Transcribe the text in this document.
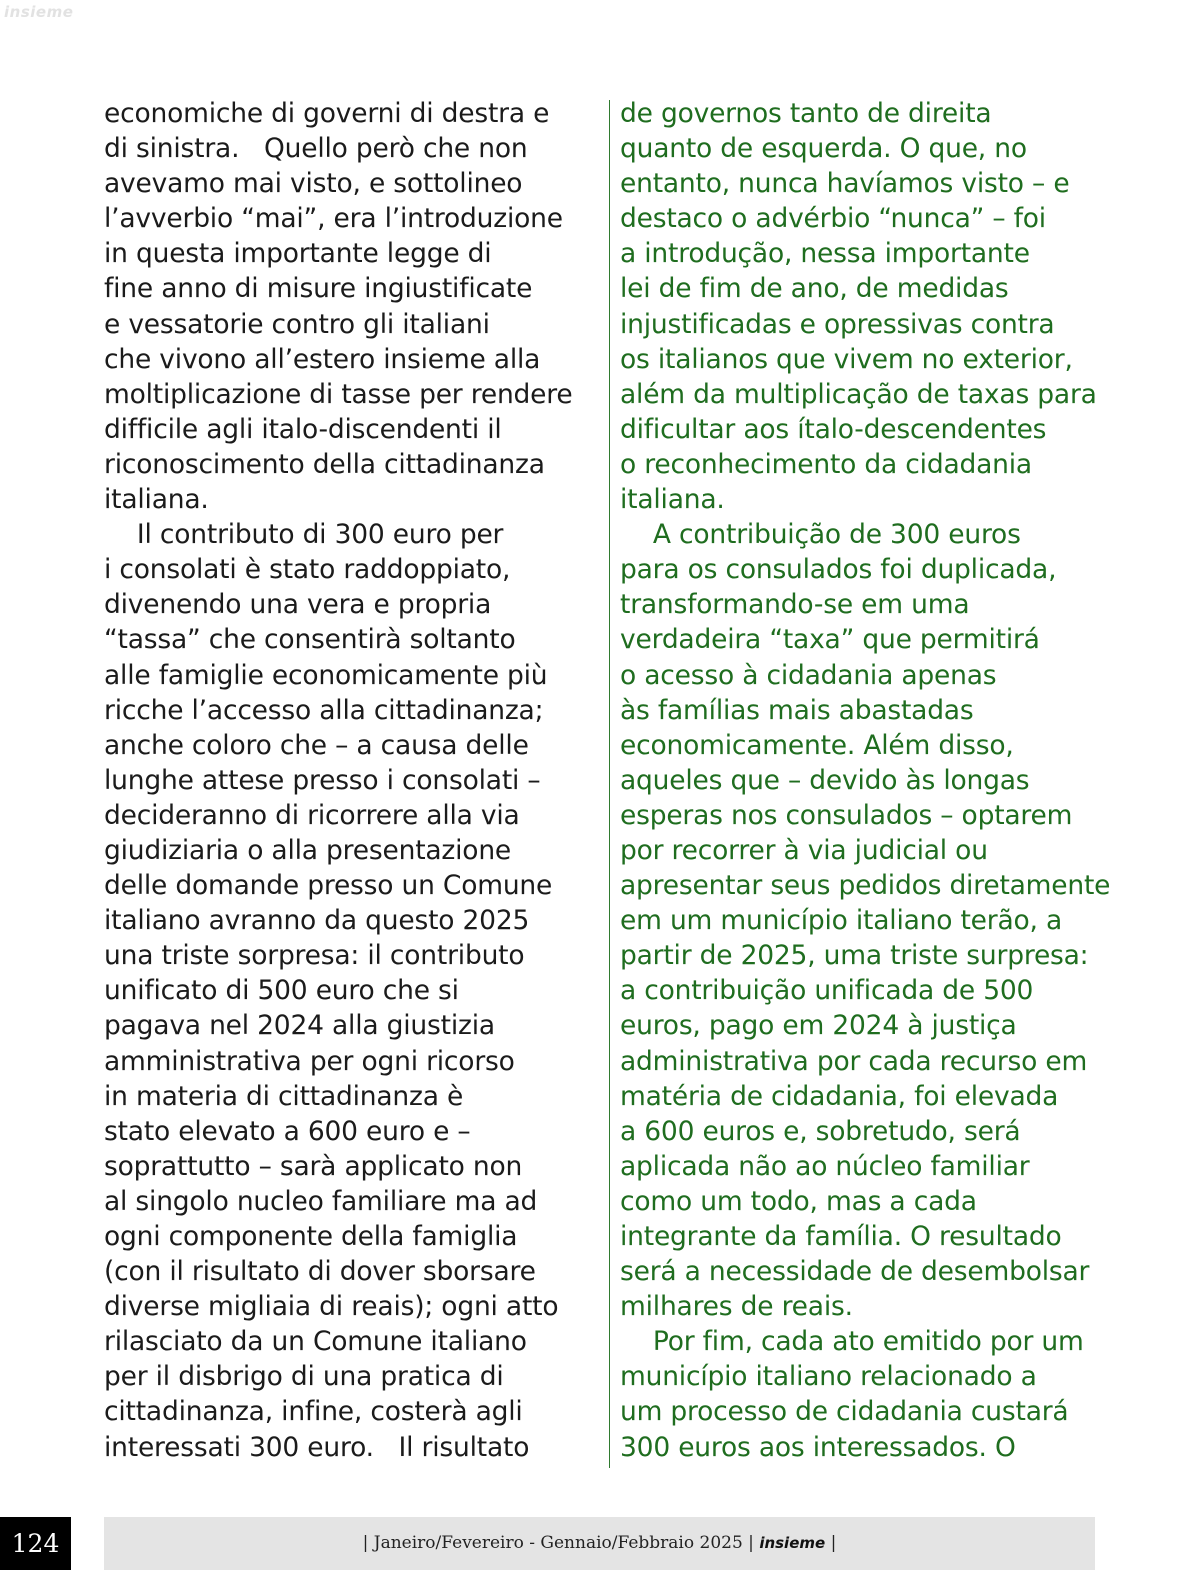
insieme
economiche di governi di destra e
di sinistra.   Quello però che non
avevamo mai visto, e sottolineo
l’avverbio “mai”, era l’introduzione
in questa importante legge di
fine anno di misure ingiustificate
e vessatorie contro gli italiani
che vivono all’estero insieme alla
moltiplicazione di tasse per rendere
difficile agli italo-discendenti il
riconoscimento della cittadinanza
italiana.
Il contributo di 300 euro per
i consolati è stato raddoppiato,
divenendo una vera e propria
“tassa” che consentirà soltanto
alle famiglie economicamente più
ricche l’accesso alla cittadinanza;
anche coloro che – a causa delle
lunghe attese presso i consolati –
decideranno di ricorrere alla via
giudiziaria o alla presentazione
delle domande presso un Comune
italiano avranno da questo 2025
una triste sorpresa: il contributo
unificato di 500 euro che si
pagava nel 2024 alla giustizia
amministrativa per ogni ricorso
in materia di cittadinanza è
stato elevato a 600 euro e –
soprattutto – sarà applicato non
al singolo nucleo familiare ma ad
ogni componente della famiglia
(con il risultato di dover sborsare
diverse migliaia di reais); ogni atto
rilasciato da un Comune italiano
per il disbrigo di una pratica di
cittadinanza, infine, costerà agli
interessati 300 euro.   Il risultato
de governos tanto de direita
quanto de esquerda. O que, no
entanto, nunca havíamos visto – e
destaco o advérbio “nunca” – foi
a introdução, nessa importante
lei de fim de ano, de medidas
injustificadas e opressivas contra
os italianos que vivem no exterior,
além da multiplicação de taxas para
dificultar aos ítalo-descendentes
o reconhecimento da cidadania
italiana.
A contribuição de 300 euros
para os consulados foi duplicada,
transformando-se em uma
verdadeira “taxa” que permitirá
o acesso à cidadania apenas
às famílias mais abastadas
economicamente. Além disso,
aqueles que – devido às longas
esperas nos consulados – optarem
por recorrer à via judicial ou
apresentar seus pedidos diretamente
em um município italiano terão, a
partir de 2025, uma triste surpresa:
a contribuição unificada de 500
euros, pago em 2024 à justiça
administrativa por cada recurso em
matéria de cidadania, foi elevada
a 600 euros e, sobretudo, será
aplicada não ao núcleo familiar
como um todo, mas a cada
integrante da família. O resultado
será a necessidade de desembolsar
milhares de reais.
Por fim, cada ato emitido por um
município italiano relacionado a
um processo de cidadania custará
300 euros aos interessados. O
124	| Janeiro/Fevereiro - Gennaio/Febbraio 2025 | insieme |
